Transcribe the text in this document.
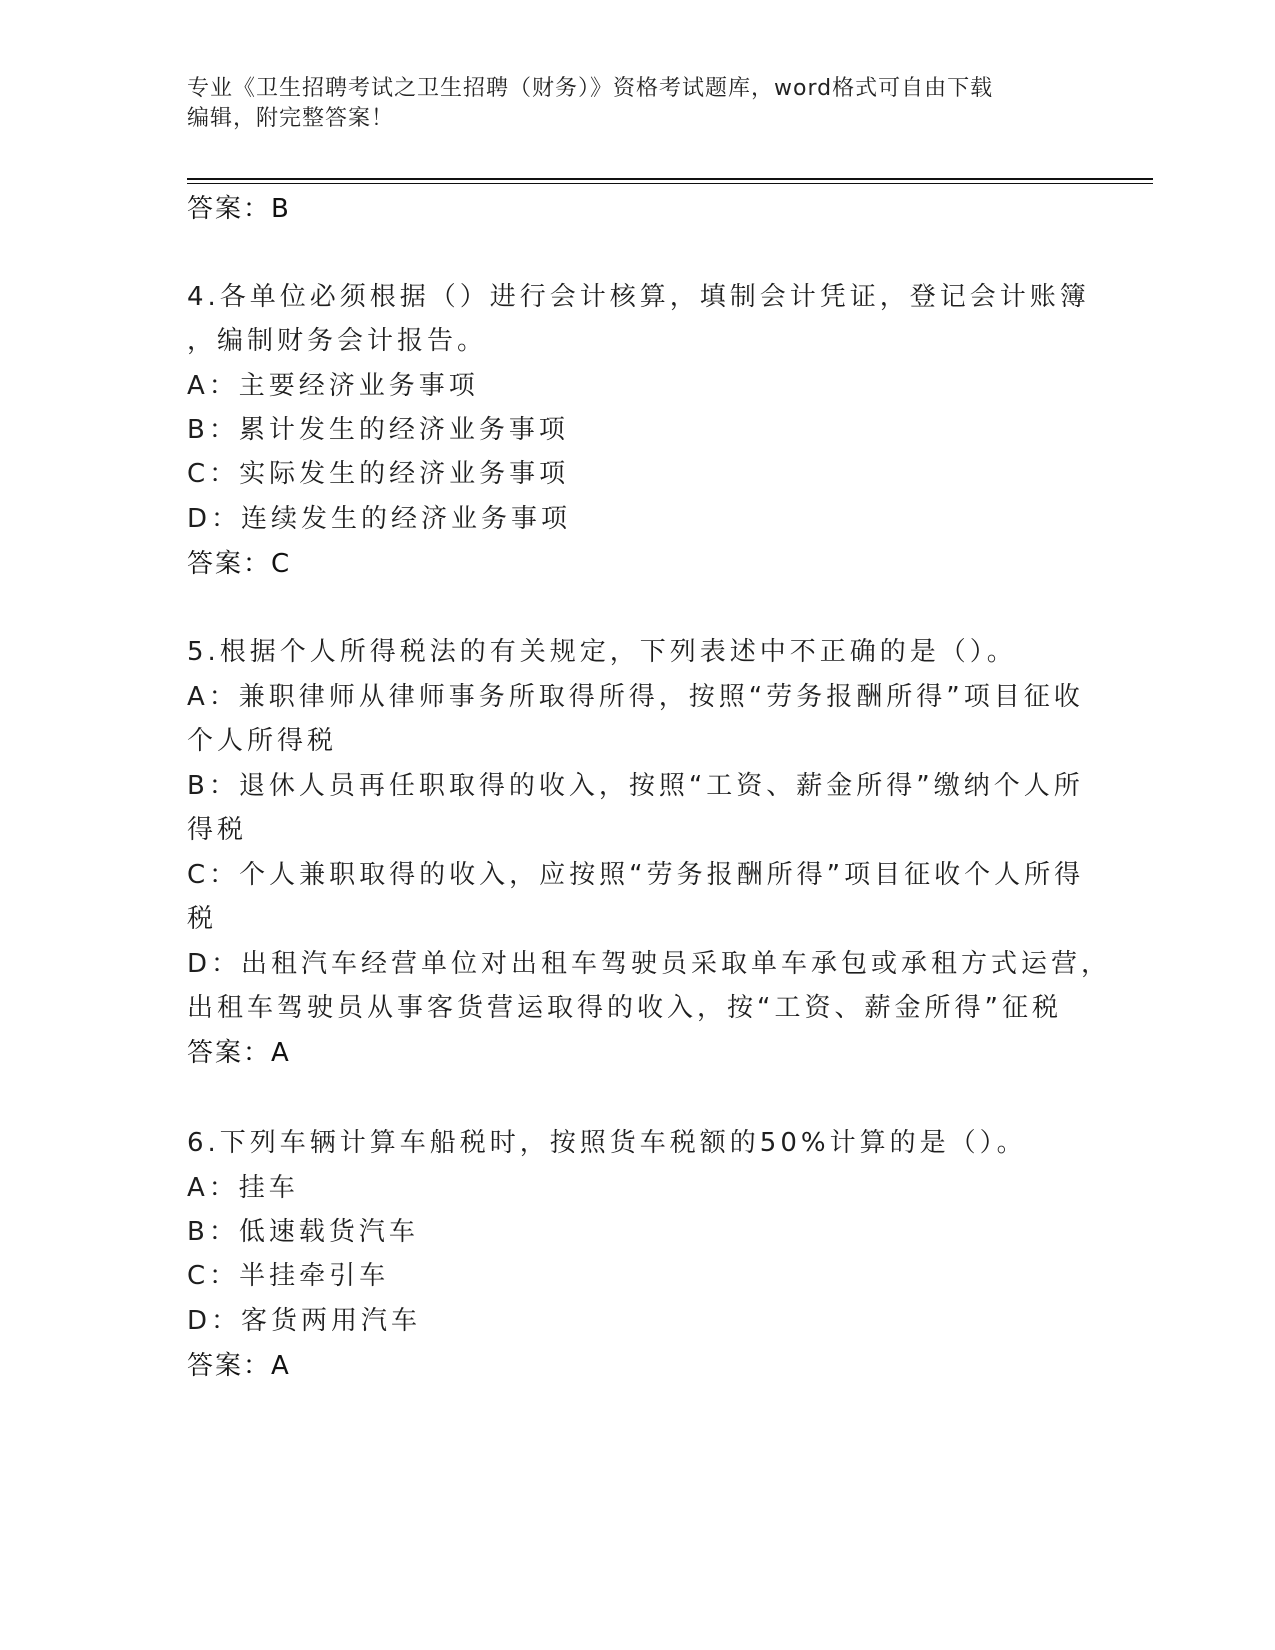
专业《卫生招聘考试之卫生招聘（财务）》资格考试题库，word格式可自由下载
编辑，附完整答案！
答案：B
4.各单位必须根据（）进行会计核算，填制会计凭证，登记会计账簿
，编制财务会计报告。
A：主要经济业务事项
B：累计发生的经济业务事项
C：实际发生的经济业务事项
D：连续发生的经济业务事项
答案：C
5.根据个人所得税法的有关规定，下列表述中不正确的是（）。
A：兼职律师从律师事务所取得所得，按照“劳务报酬所得”项目征收
个人所得税
B：退休人员再任职取得的收入，按照“工资、薪金所得”缴纳个人所
得税
C：个人兼职取得的收入，应按照“劳务报酬所得”项目征收个人所得
税
D：出租汽车经营单位对出租车驾驶员采取单车承包或承租方式运营，
出租车驾驶员从事客货营运取得的收入，按“工资、薪金所得”征税
答案：A
6.下列车辆计算车船税时，按照货车税额的50%计算的是（）。
A：挂车
B：低速载货汽车
C：半挂牵引车
D：客货两用汽车
答案：A
